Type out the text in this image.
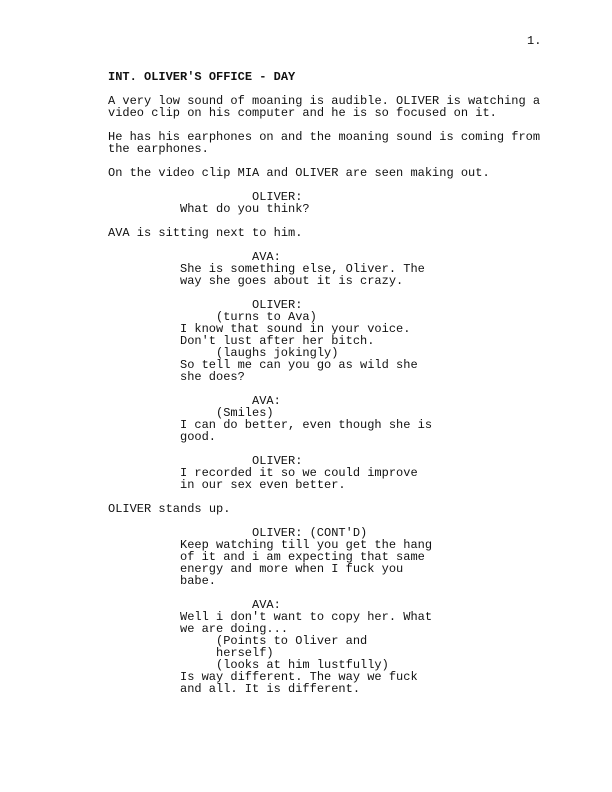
1.
INT. OLIVER'S OFFICE - DAY
A very low sound of moaning is audible. OLIVER is watching a
video clip on his computer and he is so focused on it.
He has his earphones on and the moaning sound is coming from
the earphones.
On the video clip MIA and OLIVER are seen making out.
OLIVER:
What do you think?
AVA is sitting next to him.
AVA:
She is something else, Oliver. The
way she goes about it is crazy.
OLIVER:
(turns to Ava)
I know that sound in your voice.
Don't lust after her bitch.
(laughs jokingly)
So tell me can you go as wild she
she does?
AVA:
(Smiles)
I can do better, even though she is
good.
OLIVER:
I recorded it so we could improve
in our sex even better.
OLIVER stands up.
OLIVER: (CONT'D)
Keep watching till you get the hang
of it and i am expecting that same
energy and more when I fuck you
babe.
AVA:
Well i don't want to copy her. What
we are doing...
(Points to Oliver and
herself)
(looks at him lustfully)
Is way different. The way we fuck
and all. It is different.
